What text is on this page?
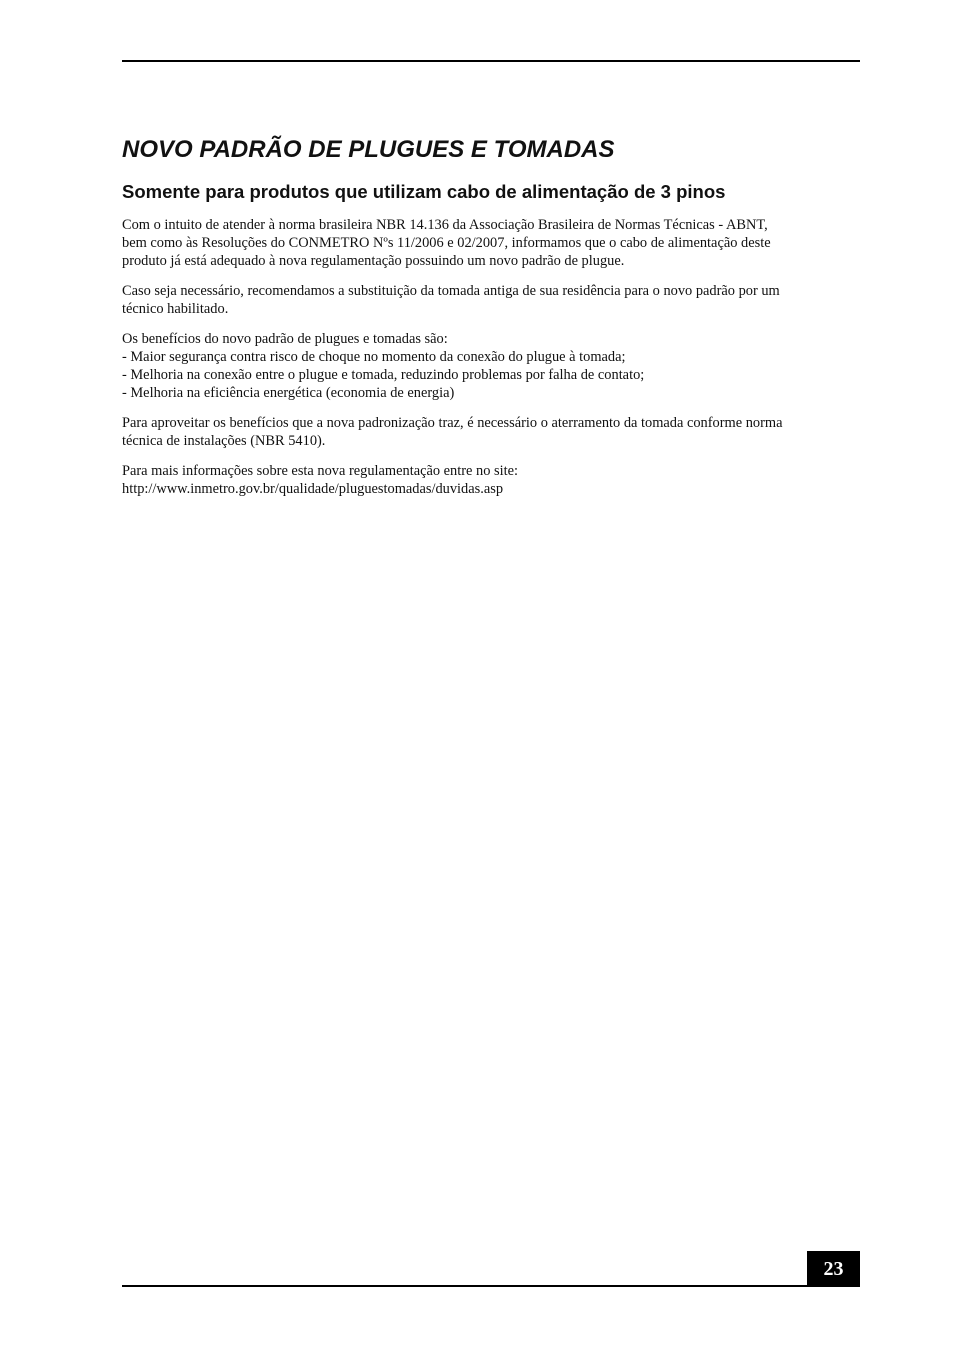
NOVO PADRÃO DE PLUGUES E TOMADAS
Somente para produtos que utilizam cabo de alimentação de 3 pinos

Com o intuito de atender à norma brasileira NBR 14.136 da Associação Brasileira de Normas Técnicas - ABNT,
bem como às Resoluções do CONMETRO Nºs 11/2006 e 02/2007, informamos que o cabo de alimentação deste
produto já está adequado à nova regulamentação possuindo um novo padrão de plugue.

Caso seja necessário, recomendamos a substituição da tomada antiga de sua residência para o novo padrão por um
técnico habilitado.

Os benefícios do novo padrão de plugues e tomadas são:
- Maior segurança contra risco de choque no momento da conexão do plugue à tomada;
- Melhoria na conexão entre o plugue e tomada, reduzindo problemas por falha de contato;
- Melhoria na eficiência energética (economia de energia)

Para aproveitar os benefícios que a nova padronização traz, é necessário o aterramento da tomada conforme norma
técnica de instalações (NBR 5410).

Para mais informações sobre esta nova regulamentação entre no site:
http://www.inmetro.gov.br/qualidade/pluguestomadas/duvidas.asp

23
